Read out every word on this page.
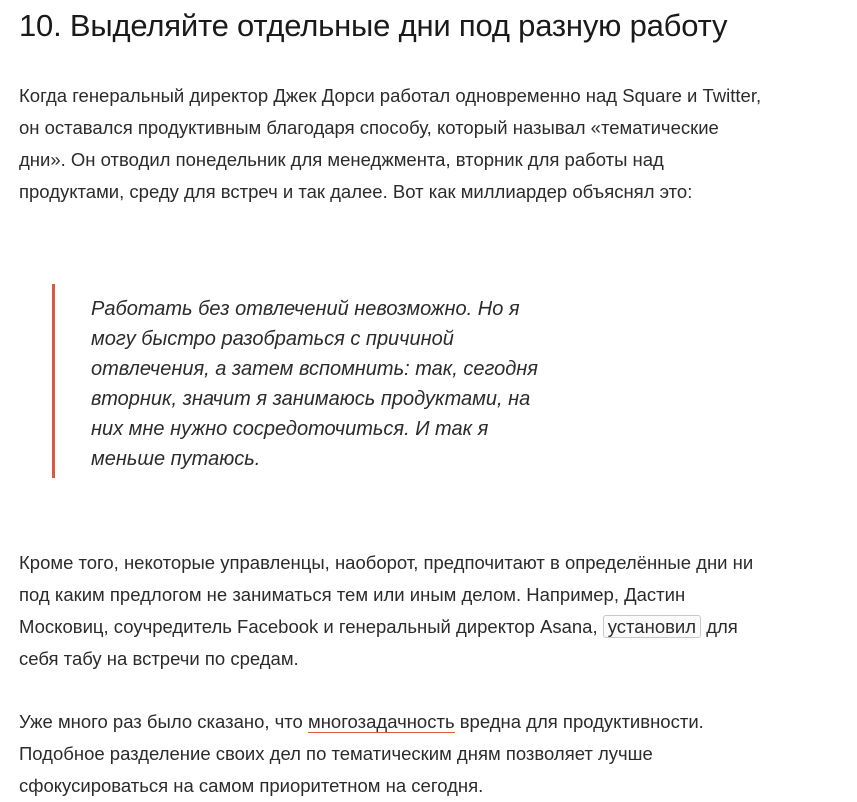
10. Выделяйте отдельные дни под разную работу

Когда генеральный директор Джек Дорси работал одновременно над Square и Twitter,
он оставался продуктивным благодаря способу, который называл «тематические
дни». Он отводил понедельник для менеджмента, вторник для работы над
продуктами, среду для встреч и так далее. Вот как миллиардер объяснял это:

Работать без отвлечений невозможно. Но я
могу быстро разобраться с причиной
отвлечения, а затем вспомнить: так, сегодня
вторник, значит я занимаюсь продуктами, на
них мне нужно сосредоточиться. И так я
меньше путаюсь.

Кроме того, некоторые управленцы, наоборот, предпочитают в определённые дни ни
под каким предлогом не заниматься тем или иным делом. Например, Дастин
Московиц, соучредитель Facebook и генеральный директор Asana, установил для
себя табу на встречи по средам.

Уже много раз было сказано, что многозадачность вредна для продуктивности.
Подобное разделение своих дел по тематическим дням позволяет лучше
сфокусироваться на самом приоритетном на сегодня.
